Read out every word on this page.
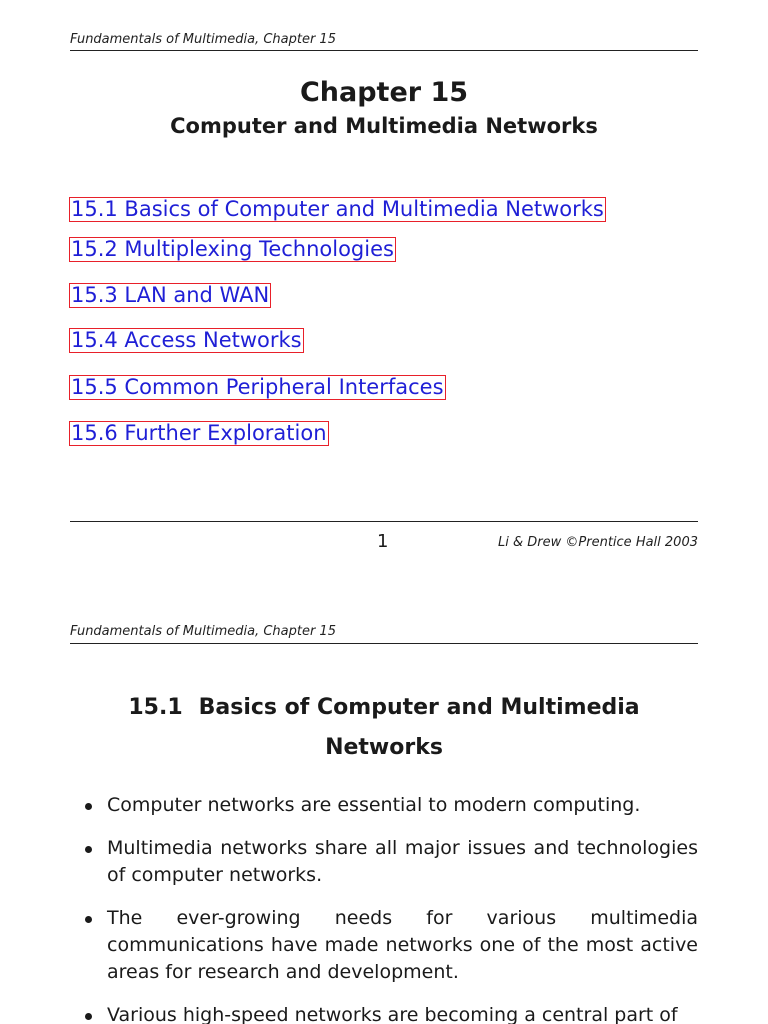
Fundamentals of Multimedia, Chapter 15
Chapter 15
Computer and Multimedia Networks
15.1 Basics of Computer and Multimedia Networks
15.2 Multiplexing Technologies
15.3 LAN and WAN
15.4 Access Networks
15.5 Common Peripheral Interfaces
15.6 Further Exploration
1	Li & Drew ©Prentice Hall 2003
Fundamentals of Multimedia, Chapter 15
15.1 Basics of Computer and Multimedia
Networks
Computer networks are essential to modern computing.
Multimedia networks share all major issues and technologies of computer networks.
The ever-growing needs for various multimedia communications have made networks one of the most active areas for research and development.
Various high-speed networks are becoming a central part of
